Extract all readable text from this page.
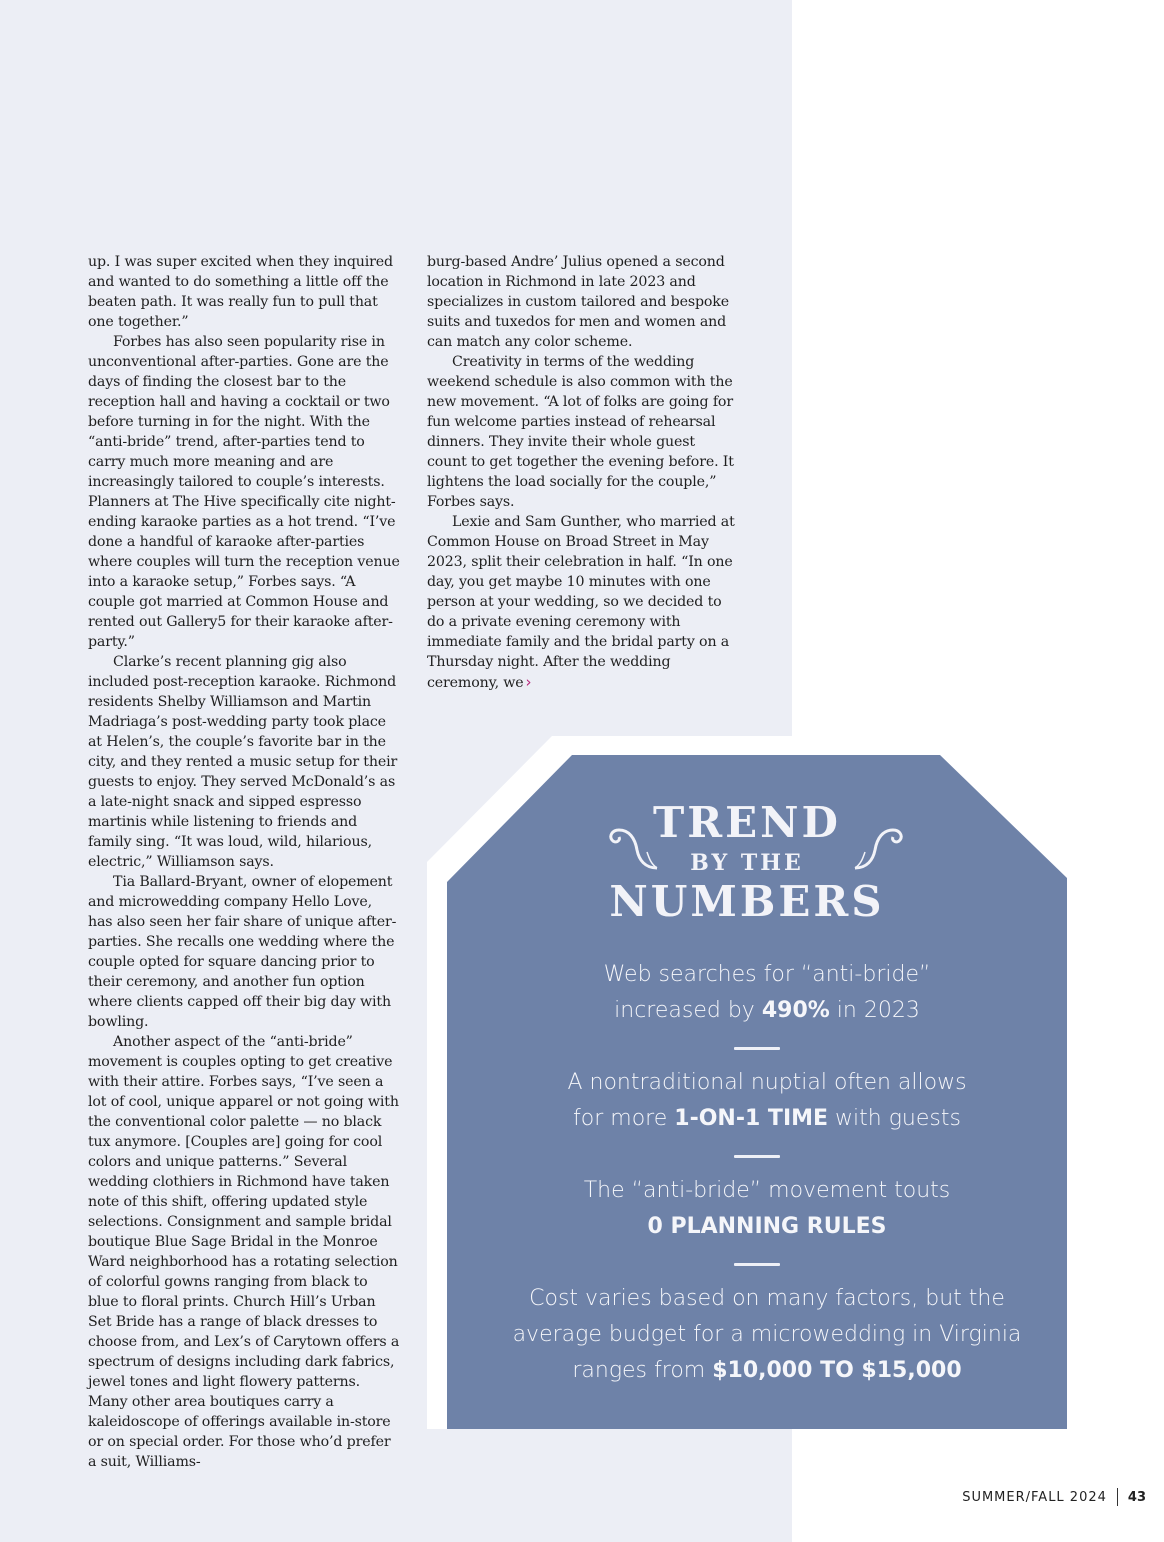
up. I was super excited when they inquired and wanted to do something a little off the beaten path. It was really fun to pull that one together.”

Forbes has also seen popularity rise in unconventional after-parties. Gone are the days of finding the closest bar to the reception hall and having a cocktail or two before turning in for the night. With the “anti-bride” trend, after-parties tend to carry much more meaning and are increasingly tailored to couple’s interests. Planners at The Hive specifically cite night-ending karaoke parties as a hot trend. “I’ve done a handful of karaoke after-parties where couples will turn the reception venue into a karaoke setup,” Forbes says. “A couple got married at Common House and rented out Gallery5 for their karaoke after-party.”

Clarke’s recent planning gig also included post-reception karaoke. Richmond residents Shelby Williamson and Martin Madriaga’s post-wedding party took place at Helen’s, the couple’s favorite bar in the city, and they rented a music setup for their guests to enjoy. They served McDonald’s as a late-night snack and sipped espresso martinis while listening to friends and family sing. “It was loud, wild, hilarious, electric,” Williamson says.

Tia Ballard-Bryant, owner of elopement and microwedding company Hello Love, has also seen her fair share of unique after-parties. She recalls one wedding where the couple opted for square dancing prior to their ceremony, and another fun option where clients capped off their big day with bowling.

Another aspect of the “anti-bride” movement is couples opting to get creative with their attire. Forbes says, “I’ve seen a lot of cool, unique apparel or not going with the conventional color palette — no black tux anymore. [Couples are] going for cool colors and unique patterns.” Several wedding clothiers in Richmond have taken note of this shift, offering updated style selections. Consignment and sample bridal boutique Blue Sage Bridal in the Monroe Ward neighborhood has a rotating selection of colorful gowns ranging from black to blue to floral prints. Church Hill’s Urban Set Bride has a range of black dresses to choose from, and Lex’s of Carytown offers a spectrum of designs including dark fabrics, jewel tones and light flowery patterns. Many other area boutiques carry a kaleidoscope of offerings available in-store or on special order. For those who’d prefer a suit, Williams-

burg-based Andre’ Julius opened a second location in Richmond in late 2023 and specializes in custom tailored and bespoke suits and tuxedos for men and women and can match any color scheme.

Creativity in terms of the wedding weekend schedule is also common with the new movement. “A lot of folks are going for fun welcome parties instead of rehearsal dinners. They invite their whole guest count to get together the evening before. It lightens the load socially for the couple,” Forbes says.

Lexie and Sam Gunther, who married at Common House on Broad Street in May 2023, split their celebration in half. “In one day, you get maybe 10 minutes with one person at your wedding, so we decided to do a private evening ceremony with immediate family and the bridal party on a Thursday night. After the wedding ceremony, we ›

TREND
BY THE
NUMBERS
Web searches for “anti-bride”
increased by 490% in 2023
A nontraditional nuptial often allows
for more 1-ON-1 TIME with guests
The “anti-bride” movement touts
0 PLANNING RULES
Cost varies based on many factors, but the
average budget for a microwedding in Virginia
ranges from $10,000 TO $15,000
SUMMER/FALL 2024 43
